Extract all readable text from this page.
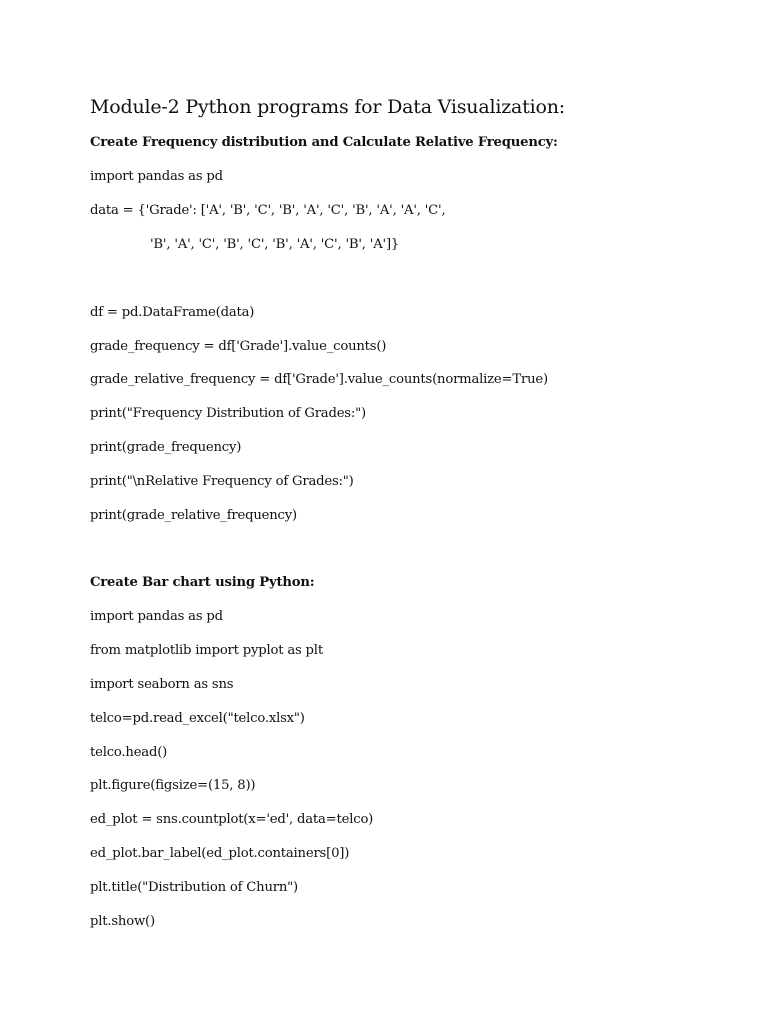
Module-2 Python programs for Data Visualization:
Create Frequency distribution and Calculate Relative Frequency:
import pandas as pd
data = {'Grade': ['A', 'B', 'C', 'B', 'A', 'C', 'B', 'A', 'A', 'C',
'B', 'A', 'C', 'B', 'C', 'B', 'A', 'C', 'B', 'A']}
df = pd.DataFrame(data)
grade_frequency = df['Grade'].value_counts()
grade_relative_frequency = df['Grade'].value_counts(normalize=True)
print("Frequency Distribution of Grades:")
print(grade_frequency)
print("\nRelative Frequency of Grades:")
print(grade_relative_frequency)
Create Bar chart using Python:
import pandas as pd
from matplotlib import pyplot as plt
import seaborn as sns
telco=pd.read_excel("telco.xlsx")
telco.head()
plt.figure(figsize=(15, 8))
ed_plot = sns.countplot(x='ed', data=telco)
ed_plot.bar_label(ed_plot.containers[0])
plt.title("Distribution of Churn")
plt.show()
